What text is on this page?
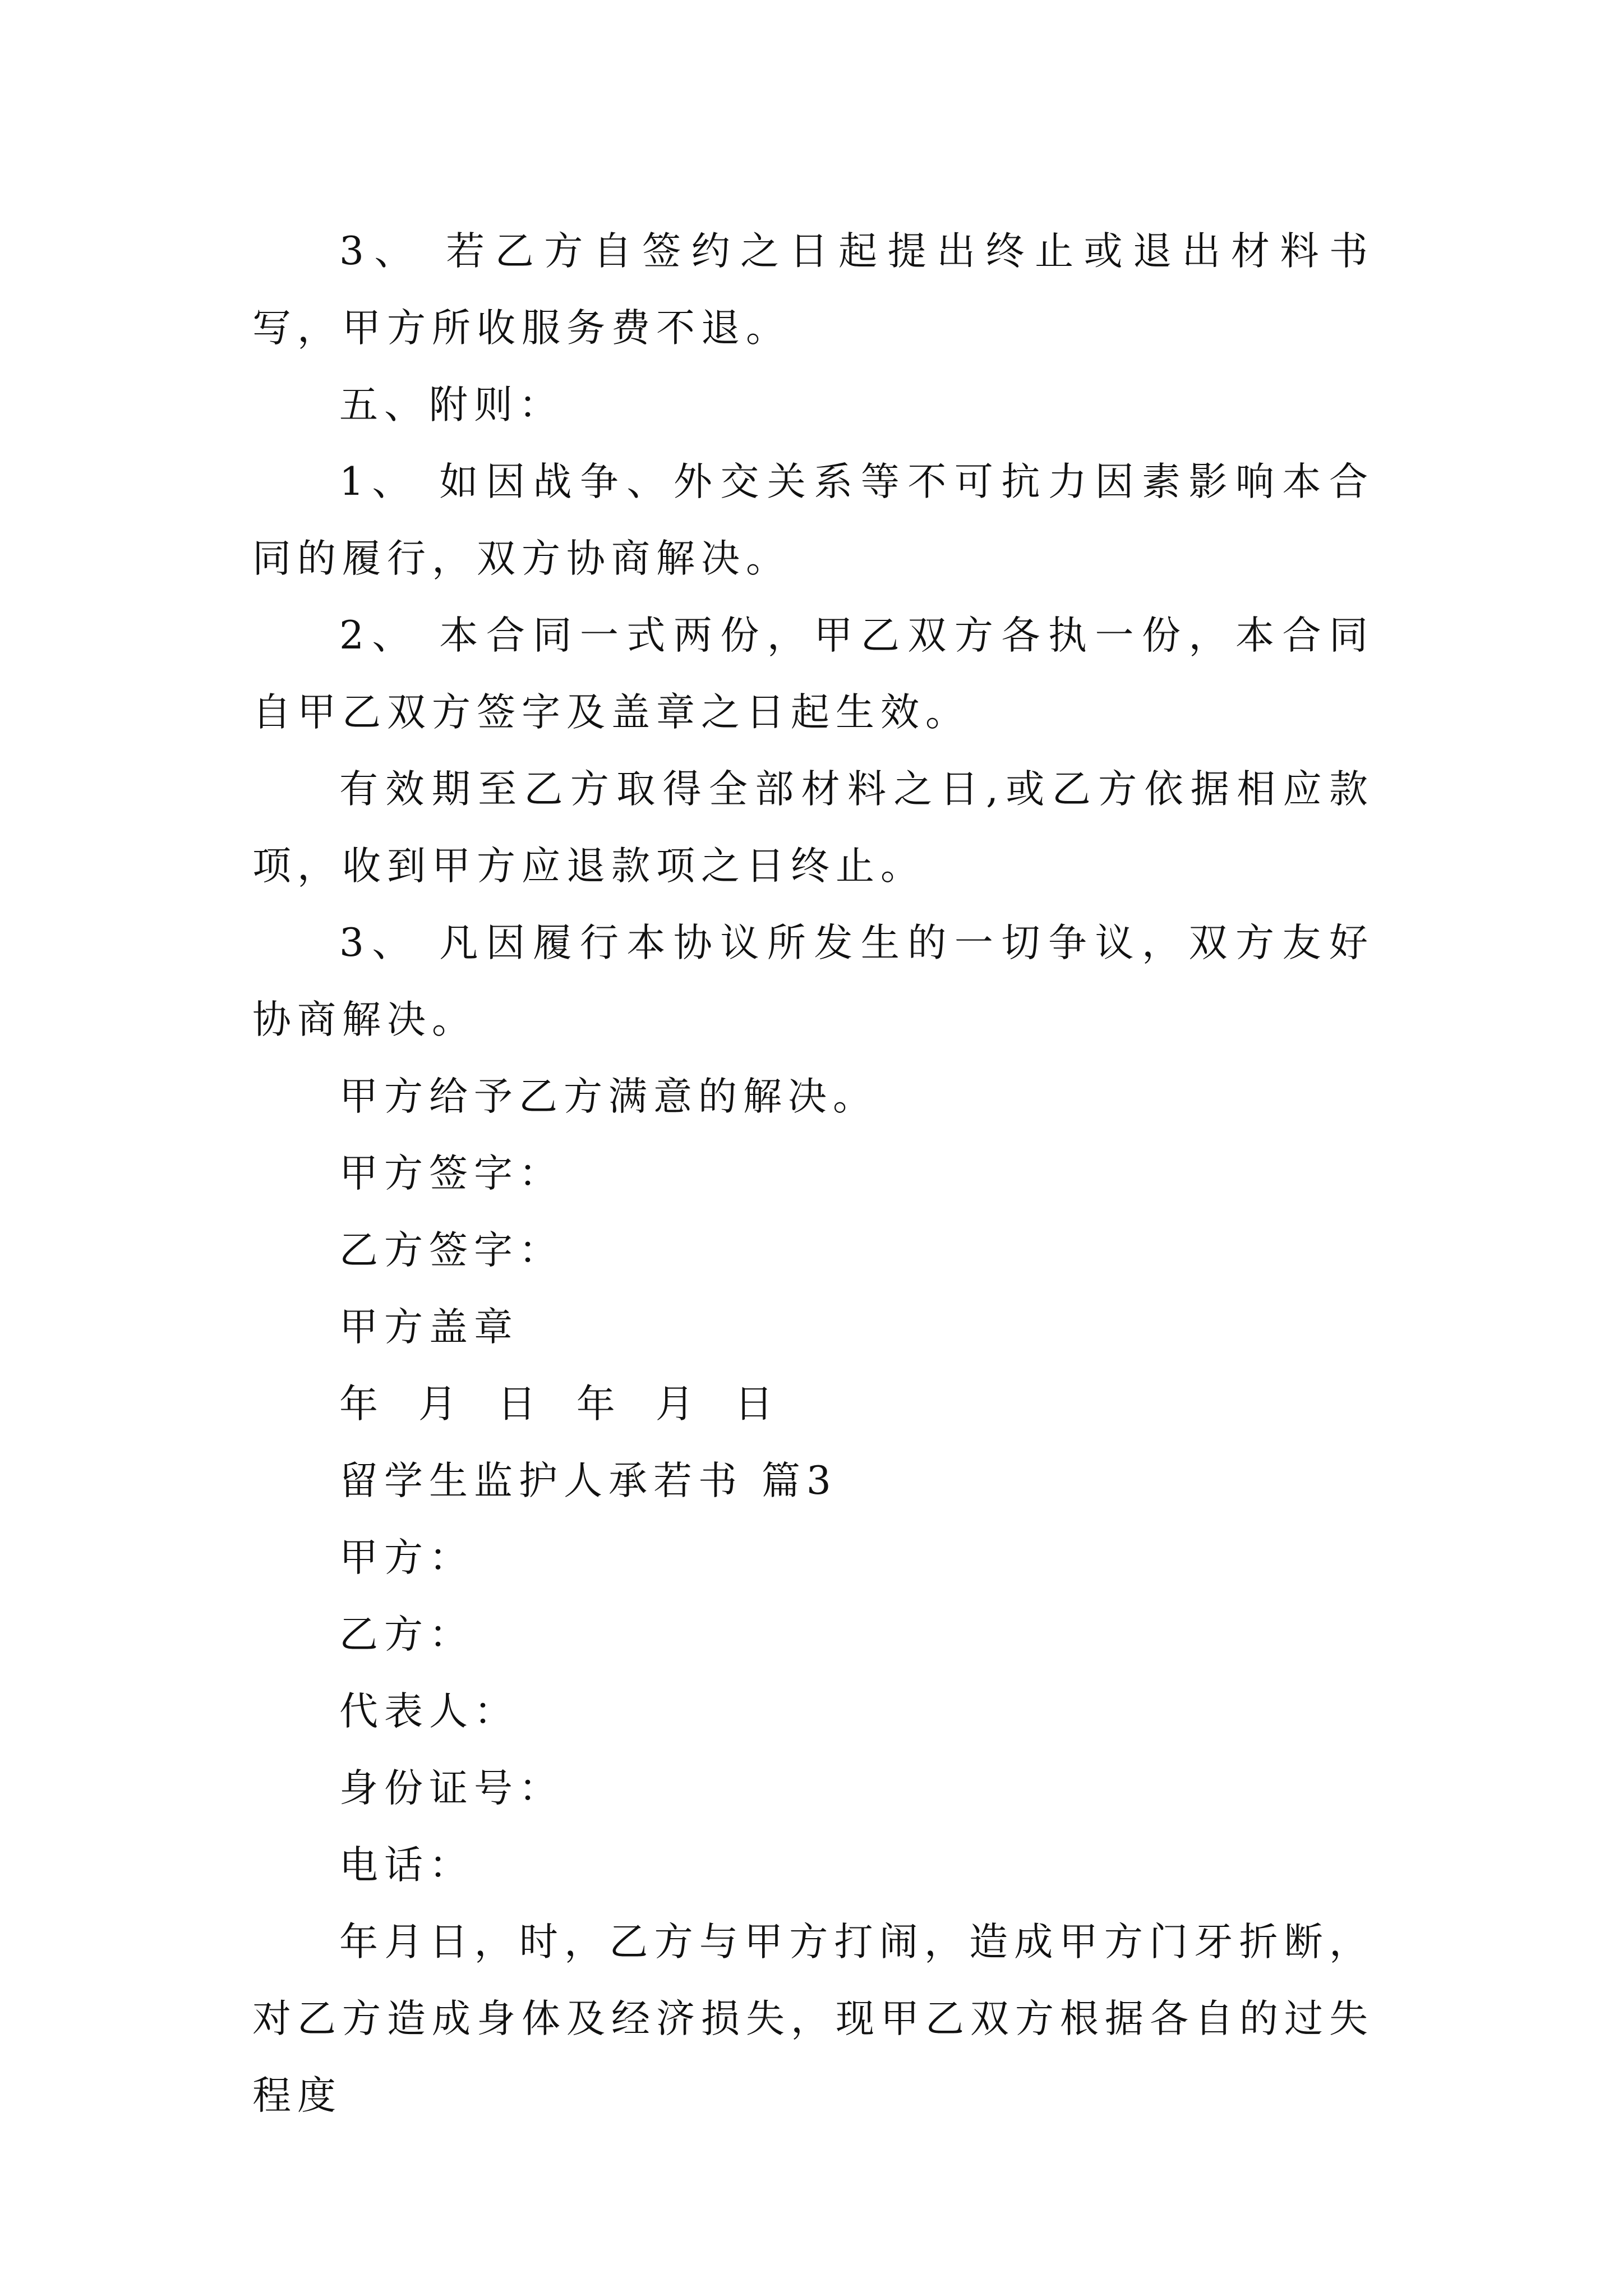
3、 若乙方自签约之日起提出终止或退出材料书写，甲方所收服务费不退。

五、附则：

1、 如因战争、外交关系等不可抗力因素影响本合同的履行，双方协商解决。

2、 本合同一式两份，甲乙双方各执一份，本合同自甲乙双方签字及盖章之日起生效。

有效期至乙方取得全部材料之日,或乙方依据相应款项，收到甲方应退款项之日终止。

3、 凡因履行本协议所发生的一切争议，双方友好协商解决。

甲方给予乙方满意的解决。

甲方签字：

乙方签字：

甲方盖章

年 月 日 年 月 日

留学生监护人承若书 篇3

甲方：

乙方：

代表人：

身份证号：

电话：

年月日，时，乙方与甲方打闹，造成甲方门牙折断，对乙方造成身体及经济损失，现甲乙双方根据各自的过失程度
